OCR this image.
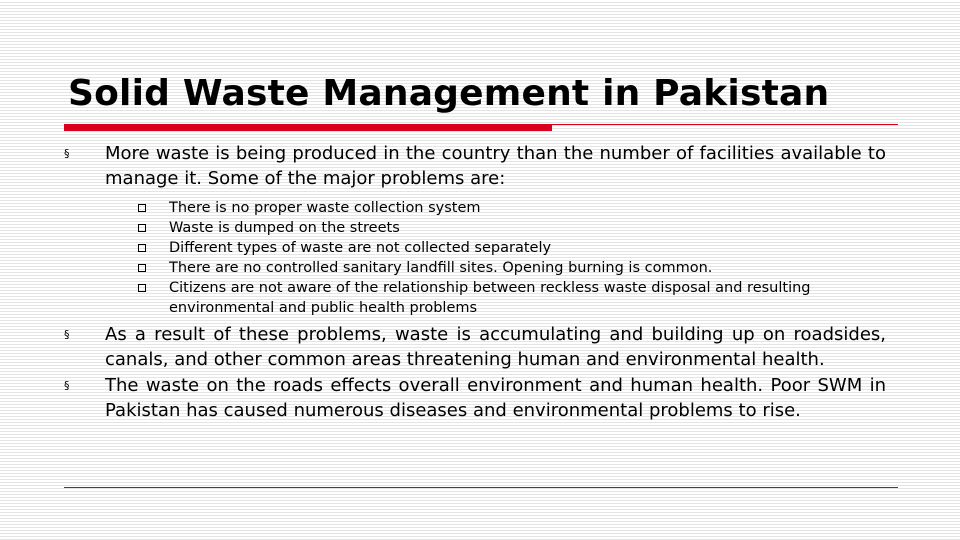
Solid Waste Management in Pakistan
§ More waste is being produced in the country than the number of facilities available to manage it. Some of the major problems are:
There is no proper waste collection system
Waste is dumped on the streets
Different types of waste are not collected separately
There are no controlled sanitary landfill sites. Opening burning is common.
Citizens are not aware of the relationship between reckless waste disposal and resulting environmental and public health problems
§ As a result of these problems, waste is accumulating and building up on roadsides, canals, and other common areas threatening human and environmental health.
§ The waste on the roads effects overall environment and human health. Poor SWM in Pakistan has caused numerous diseases and environmental problems to rise.
